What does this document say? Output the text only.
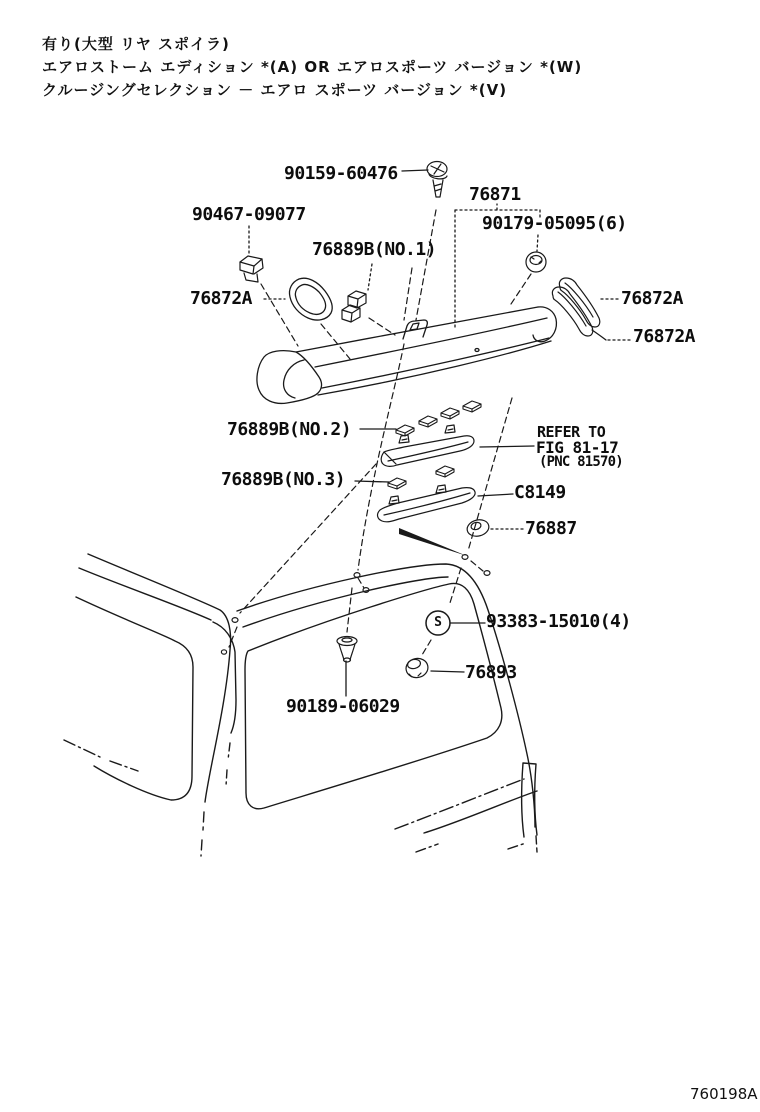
有り(大型 リヤ スポイラ)
エアロストーム エディション *(A) OR エアロスポーツ バージョン *(W)
クルージングセレクション － エアロ スポーツ バージョン *(V)
90159-60476
76871
90467-09077	90179-05095(6)
76889B(NO.1)
76872A	76872A
76872A
76889B(NO.2)	REFER TO
FIG 81-17
(PNC 81570)
76889B(NO.3)
C8149
76887
93383-15010(4)
S
76893
90189-06029
760198A
